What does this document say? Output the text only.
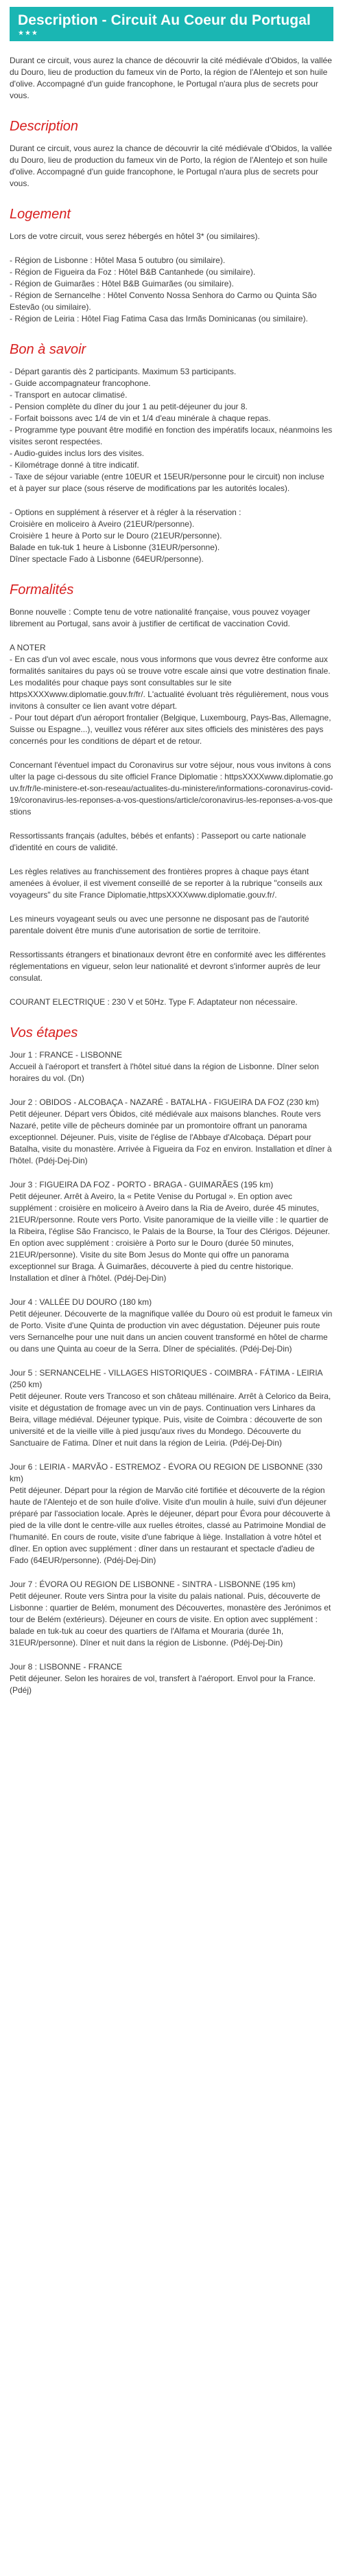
Description - Circuit Au Coeur du Portugal
★★★

Durant ce circuit, vous aurez la chance de découvrir la cité médiévale d'Obidos, la vallée du Douro, lieu de production du fameux vin de Porto, la région de l'Alentejo et son huile d'olive. Accompagné d'un guide francophone, le Portugal n'aura plus de secrets pour vous.

Description

Durant ce circuit, vous aurez la chance de découvrir la cité médiévale d'Obidos, la vallée du Douro, lieu de production du fameux vin de Porto, la région de l'Alentejo et son huile d'olive. Accompagné d'un guide francophone, le Portugal n'aura plus de secrets pour vous.

Logement

Lors de votre circuit, vous serez hébergés en hôtel 3* (ou similaires).

- Région de Lisbonne : Hôtel Masa 5 outubro (ou similaire).
- Région de Figueira da Foz : Hôtel B&B Cantanhede (ou similaire).
- Région de Guimarães : Hôtel B&B Guimarães (ou similaire).
- Région de Sernancelhe : Hôtel Convento Nossa Senhora do Carmo ou Quinta São Estevão (ou similaire).
- Région de Leiria : Hôtel Fiag Fatima Casa das Irmãs Dominicanas (ou similaire).
Bon à savoir
- Départ garantis dès 2 participants. Maximum 53 participants.
- Guide accompagnateur francophone.
- Transport en autocar climatisé.
- Pension complète du dîner du jour 1 au petit-déjeuner du jour 8.
- Forfait boissons avec 1/4 de vin et 1/4 d'eau minérale à chaque repas.
- Programme type pouvant être modifié en fonction des impératifs locaux, néanmoins les visites seront respectées.
- Audio-guides inclus lors des visites.
- Kilométrage donné à titre indicatif.
- Taxe de séjour variable (entre 10EUR et 15EUR/personne pour le circuit) non incluse et à payer sur place (sous réserve de modifications par les autorités locales).
- Options en supplément à réserver et à régler à la réservation :
Croisière en moliceiro à Aveiro (21EUR/personne).
Croisière 1 heure à Porto sur le Douro (21EUR/personne).
Balade en tuk-tuk 1 heure à Lisbonne (31EUR/personne).
Dîner spectacle Fado à Lisbonne (64EUR/personne).
Formalités

Bonne nouvelle : Compte tenu de votre nationalité française, vous pouvez voyager librement au Portugal, sans avoir à justifier de certificat de vaccination Covid.

A NOTER
- En cas d'un vol avec escale, nous vous informons que vous devrez être conforme aux formalités sanitaires du pays où se trouve votre escale ainsi que votre destination finale.
Les modalités pour chaque pays sont consultables sur le site httpsXXXXwww.diplomatie.gouv.fr/fr/. L'actualité évoluant très régulièrement, nous vous invitons à consulter ce lien avant votre départ.
- Pour tout départ d'un aéroport frontalier (Belgique, Luxembourg, Pays-Bas, Allemagne, Suisse ou Espagne...), veuillez vous référer aux sites officiels des ministères des pays concernés pour les conditions de départ et de retour.

Concernant l'éventuel impact du Coronavirus sur votre séjour, nous vous invitons à consulter la page ci-dessous du site officiel France Diplomatie : httpsXXXXwww.diplomatie.gouv.fr/fr/le-ministere-et-son-reseau/actualites-du-ministere/informations-coronavirus-covid-19/coronavirus-les-reponses-a-vos-questions/article/coronavirus-les-reponses-a-vos-questions

Ressortissants français (adultes, bébés et enfants) : Passeport ou carte nationale d'identité en cours de validité.

Les règles relatives au franchissement des frontières propres à chaque pays étant amenées à évoluer, il est vivement conseillé de se reporter à la rubrique "conseils aux voyageurs" du site France Diplomatie,httpsXXXXwww.diplomatie.gouv.fr/.

Les mineurs voyageant seuls ou avec une personne ne disposant pas de l'autorité parentale doivent être munis d'une autorisation de sortie de territoire.

Ressortissants étrangers et binationaux devront être en conformité avec les différentes réglementations en vigueur, selon leur nationalité et devront s'informer auprès de leur consulat.

COURANT ELECTRIQUE : 230 V et 50Hz. Type F. Adaptateur non nécessaire.

Vos étapes
Jour 1 : FRANCE - LISBONNE
Accueil à l'aéroport et transfert à l'hôtel situé dans la région de Lisbonne. Dîner selon horaires du vol. (Dn)
Jour 2 : OBIDOS - ALCOBAÇA - NAZARÉ - BATALHA - FIGUEIRA DA FOZ (230 km)
Petit déjeuner. Départ vers Óbidos, cité médiévale aux maisons blanches. Route vers Nazaré, petite ville de pêcheurs dominée par un promontoire offrant un panorama exceptionnel. Déjeuner. Puis, visite de l'église de l'Abbaye d'Alcobaça. Départ pour Batalha, visite du monastère. Arrivée à Figueira da Foz en environ. Installation et dîner à l'hôtel. (Pdéj-Dej-Din)
Jour 3 : FIGUEIRA DA FOZ - PORTO - BRAGA - GUIMARÃES (195 km)
Petit déjeuner. Arrêt à Aveiro, la « Petite Venise du Portugal ». En option avec supplément : croisière en moliceiro à Aveiro dans la Ria de Aveiro, durée 45 minutes, 21EUR/personne. Route vers Porto. Visite panoramique de la vieille ville : le quartier de la Ribeira, l'église São Francisco, le Palais de la Bourse, la Tour des Clérigos. Déjeuner. En option avec supplément : croisière à Porto sur le Douro (durée 50 minutes, 21EUR/personne). Visite du site Bom Jesus do Monte qui offre un panorama exceptionnel sur Braga. À Guimarães, découverte à pied du centre historique. Installation et dîner à l'hôtel. (Pdéj-Dej-Din)
Jour 4 : VALLÉE DU DOURO (180 km)
Petit déjeuner. Découverte de la magnifique vallée du Douro où est produit le fameux vin de Porto. Visite d'une Quinta de production vin avec dégustation. Déjeuner puis route vers Sernancelhe pour une nuit dans un ancien couvent transformé en hôtel de charme ou dans une Quinta au coeur de la Serra. Dîner de spécialités. (Pdéj-Dej-Din)
Jour 5 : SERNANCELHE - VILLAGES HISTORIQUES - COIMBRA - FÁTIMA - LEIRIA (250 km)
Petit déjeuner. Route vers Trancoso et son château millénaire. Arrêt à Celorico da Beira, visite et dégustation de fromage avec un vin de pays. Continuation vers Linhares da Beira, village médiéval. Déjeuner typique. Puis, visite de Coimbra : découverte de son université et de la vieille ville à pied jusqu'aux rives du Mondego. Découverte du Sanctuaire de Fatima. Dîner et nuit dans la région de Leiria. (Pdéj-Dej-Din)
Jour 6 : LEIRIA - MARVÃO - ESTREMOZ - ÉVORA OU REGION DE LISBONNE (330 km)
Petit déjeuner. Départ pour la région de Marvão cité fortifiée et découverte de la région haute de l'Alentejo et de son huile d'olive. Visite d'un moulin à huile, suivi d'un déjeuner préparé par l'association locale. Après le déjeuner, départ pour Évora pour découverte à pied de la ville dont le centre-ville aux ruelles étroites, classé au Patrimoine Mondial de l'humanité. En cours de route, visite d'une fabrique à liège. Installation à votre hôtel et dîner. En option avec supplément : dîner dans un restaurant et spectacle d'adieu de Fado (64EUR/personne). (Pdéj-Dej-Din)
Jour 7 : ÉVORA OU REGION DE LISBONNE - SINTRA - LISBONNE (195 km)
Petit déjeuner. Route vers Sintra pour la visite du palais national. Puis, découverte de Lisbonne : quartier de Belém, monument des Découvertes, monastère des Jerónimos et tour de Belém (extérieurs). Déjeuner en cours de visite. En option avec supplément : balade en tuk-tuk au coeur des quartiers de l'Alfama et Mouraria (durée 1h, 31EUR/personne). Dîner et nuit dans la région de Lisbonne. (Pdéj-Dej-Din)
Jour 8 : LISBONNE - FRANCE
Petit déjeuner. Selon les horaires de vol, transfert à l'aéroport. Envol pour la France. (Pdéj)
